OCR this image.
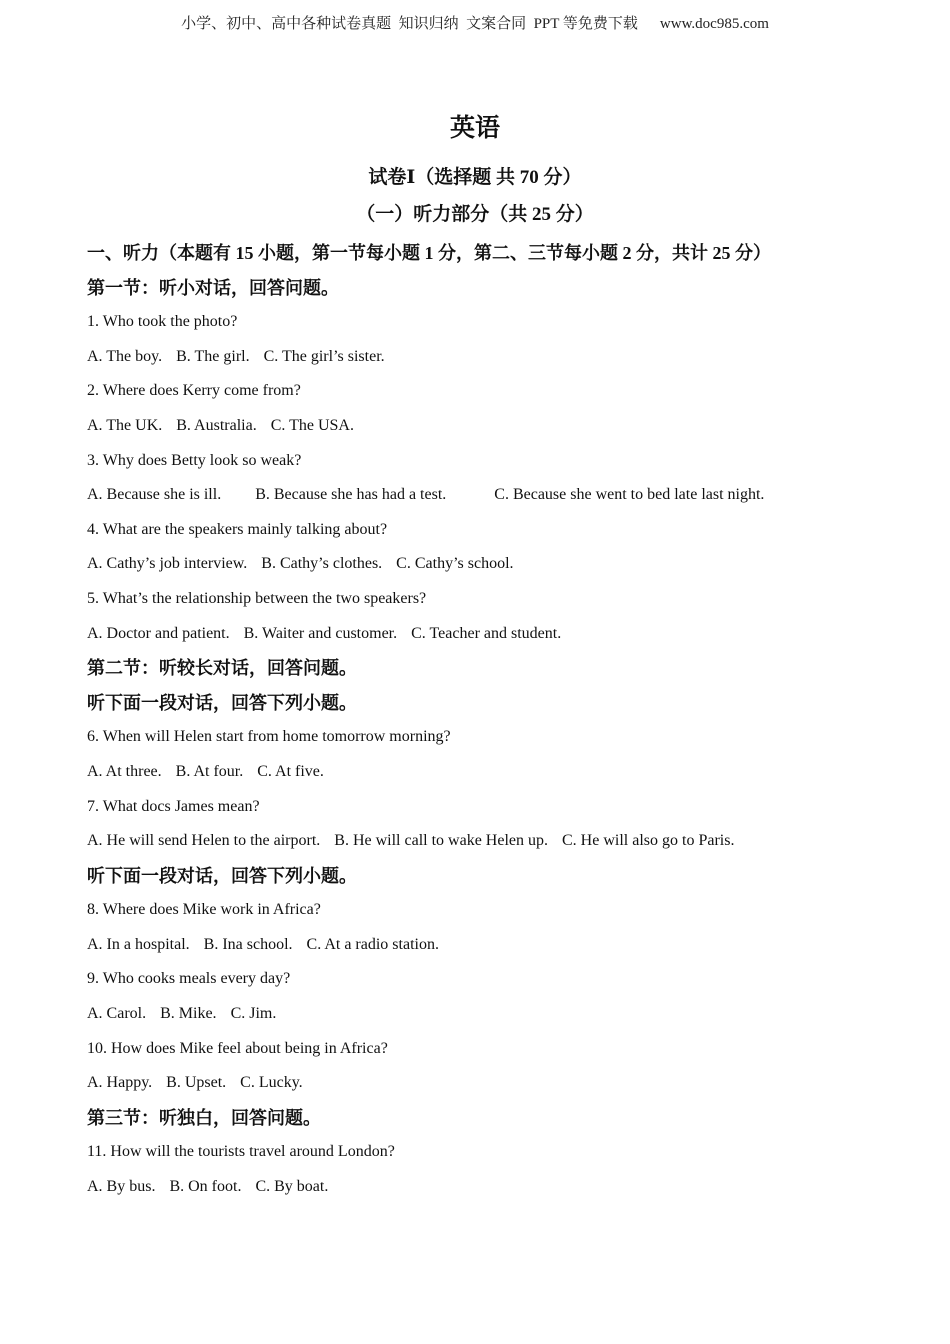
小学、初中、高中各种试卷真题  知识归纳  文案合同  PPT 等免费下载 www.doc985.com
英语
试卷Ⅰ（选择题 共 70 分）
（一）听力部分（共 25 分）
一、听力（本题有 15 小题，第一节每小题 1 分，第二、三节每小题 2 分，共计 25 分）
第一节：听小对话，回答问题。
1. Who took the photo?
A. The boy. B. The girl. C. The girl’s sister.
2. Where does Kerry come from?
A. The UK. B. Australia. C. The USA.
3. Why does Betty look so weak?
A. Because she is ill. B. Because she has had a test.	C. Because she went to bed late last night.
4. What are the speakers mainly talking about?
A. Cathy’s job interview. B. Cathy’s clothes. C. Cathy’s school.
5. What’s the relationship between the two speakers?
A. Doctor and patient. B. Waiter and customer. C. Teacher and student.
第二节：听较长对话，回答问题。
听下面一段对话，回答下列小题。
6. When will Helen start from home tomorrow morning?
A. At three. B. At four. C. At five.
7. What docs James mean?
A. He will send Helen to the airport. B. He will call to wake Helen up. C. He will also go to Paris.
听下面一段对话，回答下列小题。
8. Where does Mike work in Africa?
A. In a hospital. B. Ina school. C. At a radio station.
9. Who cooks meals every day?
A. Carol. B. Mike. C. Jim.
10. How does Mike feel about being in Africa?
A. Happy. B. Upset. C. Lucky.
第三节：听独白，回答问题。
11. How will the tourists travel around London?
A. By bus. B. On foot. C. By boat.
